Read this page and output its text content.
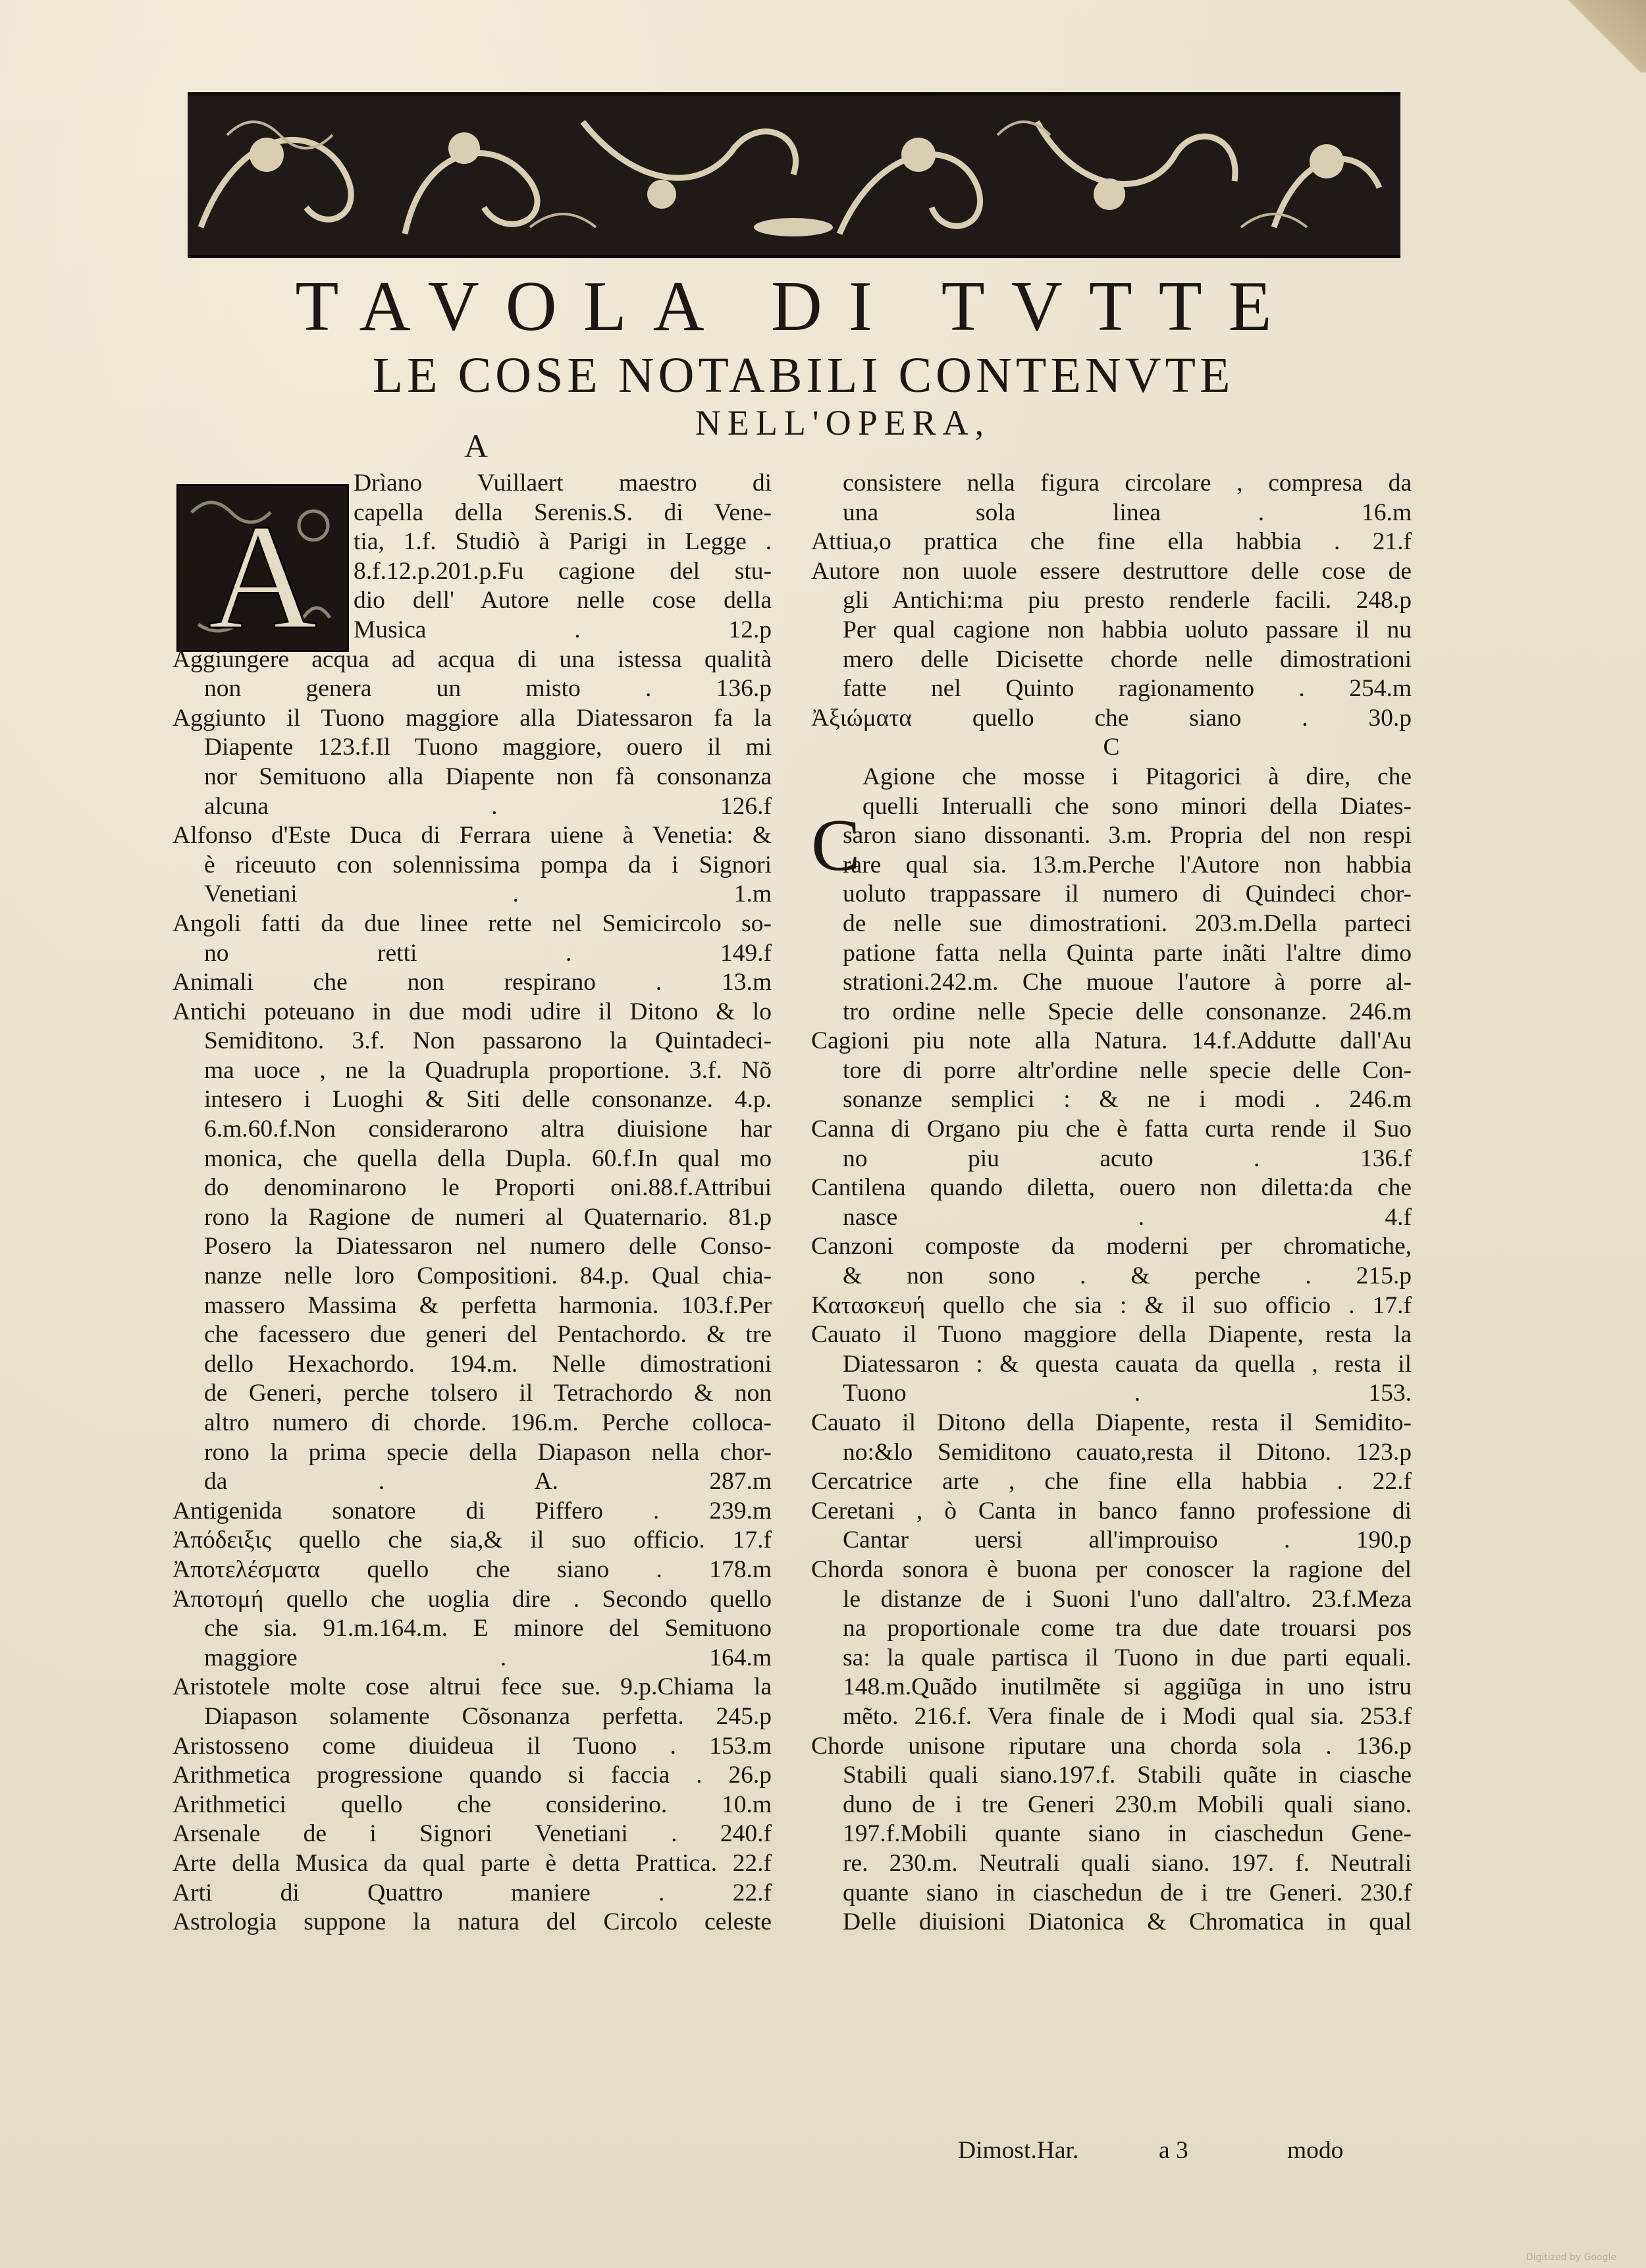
TAVOLA DI TVTTE
LE COSE NOTABILI CONTENVTE
NELL'OPERA,
A
A
Drìano Vuillaert maestro di
capella della Serenis.S. di Vene-
tia, 1.f. Studiò à Parigi in Legge .
8.f.12.p.201.p.Fu cagione del stu-
dio dell' Autore nelle cose della
Musica . 12.p
Aggiungere acqua ad acqua di una istessa qualità
non genera un misto . 136.p
Aggiunto il Tuono maggiore alla Diatessaron fa la
Diapente 123.f.Il Tuono maggiore, ouero il mi
nor Semituono alla Diapente non fà consonanza
alcuna . 126.f
Alfonso d'Este Duca di Ferrara uiene à Venetia: &
è riceuuto con solennissima pompa da i Signori
Venetiani . 1.m
Angoli fatti da due linee rette nel Semicircolo so-
no retti . 149.f
Animali che non respirano . 13.m
Antichi poteuano in due modi udire il Ditono & lo
Semiditono. 3.f. Non passarono la Quintadeci-
ma uoce , ne la Quadrupla proportione. 3.f. Nõ
intesero i Luoghi & Siti delle consonanze. 4.p.
6.m.60.f.Non considerarono altra diuisione har
monica, che quella della Dupla. 60.f.In qual mo
do denominarono le Proporti oni.88.f.Attribui
rono la Ragione de numeri al Quaternario. 81.p
Posero la Diatessaron nel numero delle Conso-
nanze nelle loro Compositioni. 84.p. Qual chia-
massero Massima & perfetta harmonia. 103.f.Per
che facessero due generi del Pentachordo. & tre
dello Hexachordo. 194.m. Nelle dimostrationi
de Generi, perche tolsero il Tetrachordo & non
altro numero di chorde. 196.m. Perche colloca-
rono la prima specie della Diapason nella chor-
da . A. 287.m
Antigenida sonatore di Piffero . 239.m
Ἀπόδειξις quello che sia,& il suo officio. 17.f
Ἀποτελέσματα quello che siano . 178.m
Ἀποτομή quello che uoglia dire . Secondo quello
che sia. 91.m.164.m. E minore del Semituono
maggiore . 164.m
Aristotele molte cose altrui fece sue. 9.p.Chiama la
Diapason solamente Cõsonanza perfetta. 245.p
Aristosseno come diuideua il Tuono . 153.m
Arithmetica progressione quando si faccia . 26.p
Arithmetici quello che considerino. 10.m
Arsenale de i Signori Venetiani . 240.f
Arte della Musica da qual parte è detta Prattica. 22.f
Arti di Quattro maniere . 22.f
Astrologia suppone la natura del Circolo celeste
consistere nella figura circolare , compresa da
una sola linea . 16.m
Attiua,o prattica che fine ella habbia . 21.f
Autore non uuole essere destruttore delle cose de
gli Antichi:ma piu presto renderle facili. 248.p
Per qual cagione non habbia uoluto passare il nu
mero delle Dicisette chorde nelle dimostrationi
fatte nel Quinto ragionamento . 254.m
Ἀξιώματα quello che siano . 30.p
C
Agione che mosse i Pitagorici à dire, che
quelli Interualli che sono minori della Diates-
saron siano dissonanti. 3.m. Propria del non respi
rare qual sia. 13.m.Perche l'Autore non habbia
uoluto trappassare il numero di Quindeci chor-
de nelle sue dimostrationi. 203.m.Della parteci
patione fatta nella Quinta parte inãti l'altre dimo
strationi.242.m. Che muoue l'autore à porre al-
tro ordine nelle Specie delle consonanze. 246.m
Cagioni piu note alla Natura. 14.f.Addutte dall'Au
tore di porre altr'ordine nelle specie delle Con-
sonanze semplici : & ne i modi . 246.m
Canna di Organo piu che è fatta curta rende il Suo
no piu acuto . 136.f
Cantilena quando diletta, ouero non diletta:da che
nasce . 4.f
Canzoni composte da moderni per chromatiche,
& non sono . & perche . 215.p
Κατασκευή quello che sia : & il suo officio . 17.f
Cauato il Tuono maggiore della Diapente, resta la
Diatessaron : & questa cauata da quella , resta il
Tuono . 153.
Cauato il Ditono della Diapente, resta il Semidito-
no:&lo Semiditono cauato,resta il Ditono. 123.p
Cercatrice arte , che fine ella habbia . 22.f
Ceretani , ò Canta in banco fanno professione di
Cantar uersi all'improuiso . 190.p
Chorda sonora è buona per conoscer la ragione del
le distanze de i Suoni l'uno dall'altro. 23.f.Meza
na proportionale come tra due date trouarsi pos
sa: la quale partisca il Tuono in due parti equali.
148.m.Quãdo inutilmẽte si aggiũga in uno istru
mẽto. 216.f. Vera finale de i Modi qual sia. 253.f
Chorde unisone riputare una chorda sola . 136.p
Stabili quali siano.197.f. Stabili quãte in ciasche
duno de i tre Generi 230.m Mobili quali siano.
197.f.Mobili quante siano in ciaschedun Gene-
re. 230.m. Neutrali quali siano. 197. f. Neutrali
quante siano in ciaschedun de i tre Generi. 230.f
Delle diuisioni Diatonica & Chromatica in qual
C
Dimost.Har.	a 3	modo
Digitized by Google
